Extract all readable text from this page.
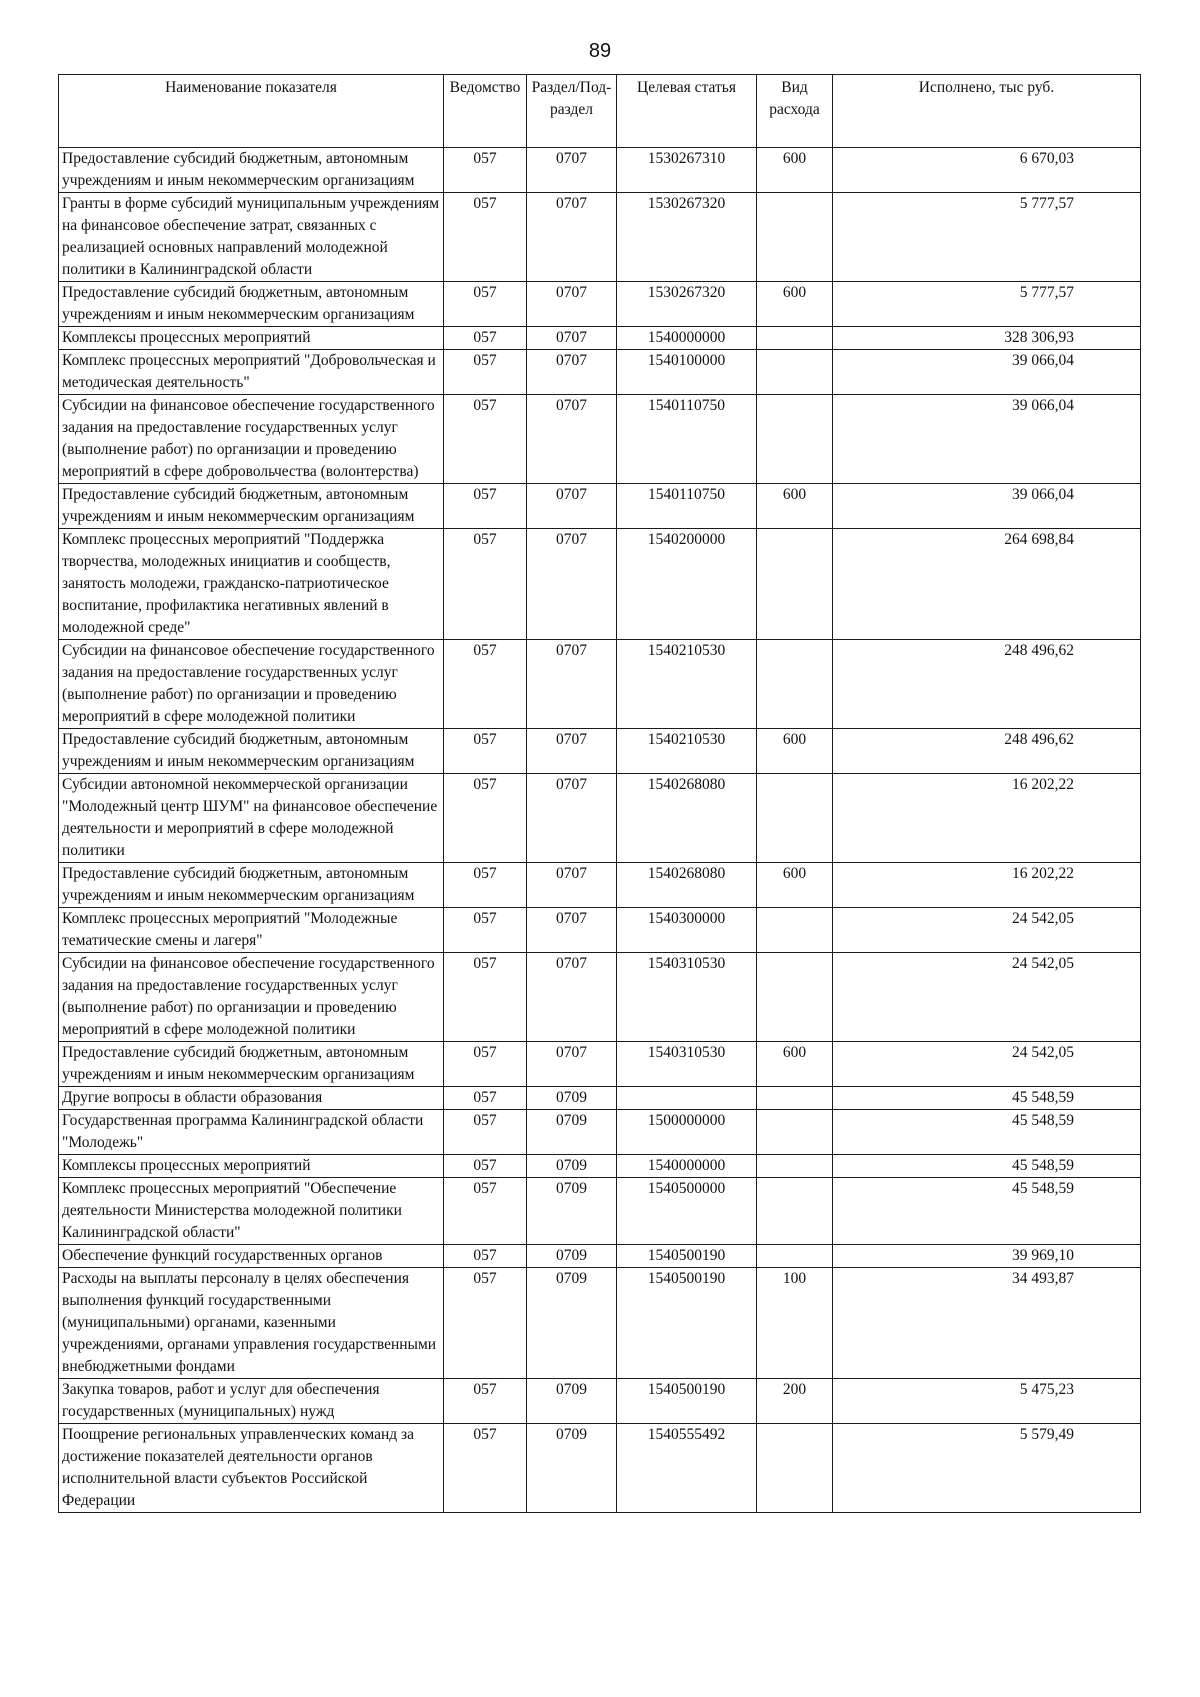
89
Наименование показателя	Ведомство	Раздел/Под-раздел	Целевая статья	Вид расхода	Исполнено, тыс руб.
Предоставление субсидий бюджетным, автономным учреждениям и иным некоммерческим организациям	057	0707	1530267310	600	6 670,03
Гранты в форме субсидий муниципальным учреждениям на финансовое обеспечение затрат, связанных с реализацией основных направлений молодежной политики в Калининградской области	057	0707	1530267320		5 777,57
Предоставление субсидий бюджетным, автономным учреждениям и иным некоммерческим организациям	057	0707	1530267320	600	5 777,57
Комплексы процессных мероприятий	057	0707	1540000000		328 306,93
Комплекс процессных мероприятий "Добровольческая и методическая деятельность"	057	0707	1540100000		39 066,04
Субсидии на финансовое обеспечение государственного задания на предоставление государственных услуг (выполнение работ) по организации и проведению мероприятий в сфере добровольчества (волонтерства)	057	0707	1540110750		39 066,04
Предоставление субсидий бюджетным, автономным учреждениям и иным некоммерческим организациям	057	0707	1540110750	600	39 066,04
Комплекс процессных мероприятий "Поддержка творчества, молодежных инициатив и сообществ, занятость молодежи, гражданско-патриотическое воспитание, профилактика негативных явлений в молодежной среде"	057	0707	1540200000		264 698,84
Субсидии на финансовое обеспечение государственного задания на предоставление государственных услуг (выполнение работ) по организации и проведению мероприятий в сфере молодежной политики	057	0707	1540210530		248 496,62
Предоставление субсидий бюджетным, автономным учреждениям и иным некоммерческим организациям	057	0707	1540210530	600	248 496,62
Субсидии автономной некоммерческой организации "Молодежный центр ШУМ" на финансовое обеспечение деятельности и мероприятий в сфере молодежной политики	057	0707	1540268080		16 202,22
Предоставление субсидий бюджетным, автономным учреждениям и иным некоммерческим организациям	057	0707	1540268080	600	16 202,22
Комплекс процессных мероприятий "Молодежные тематические смены и лагеря"	057	0707	1540300000		24 542,05
Субсидии на финансовое обеспечение государственного задания на предоставление государственных услуг (выполнение работ) по организации и проведению мероприятий в сфере молодежной политики	057	0707	1540310530		24 542,05
Предоставление субсидий бюджетным, автономным учреждениям и иным некоммерческим организациям	057	0707	1540310530	600	24 542,05
Другие вопросы в области образования	057	0709			45 548,59
Государственная программа Калининградской области "Молодежь"	057	0709	1500000000		45 548,59
Комплексы процессных мероприятий	057	0709	1540000000		45 548,59
Комплекс процессных мероприятий "Обеспечение деятельности Министерства молодежной политики Калининградской области"	057	0709	1540500000		45 548,59
Обеспечение функций государственных органов	057	0709	1540500190		39 969,10
Расходы на выплаты персоналу в целях обеспечения выполнения функций государственными (муниципальными) органами, казенными учреждениями, органами управления государственными внебюджетными фондами	057	0709	1540500190	100	34 493,87
Закупка товаров, работ и услуг для обеспечения государственных (муниципальных) нужд	057	0709	1540500190	200	5 475,23
Поощрение региональных управленческих команд за достижение показателей деятельности органов исполнительной власти субъектов Российской Федерации	057	0709	1540555492		5 579,49
